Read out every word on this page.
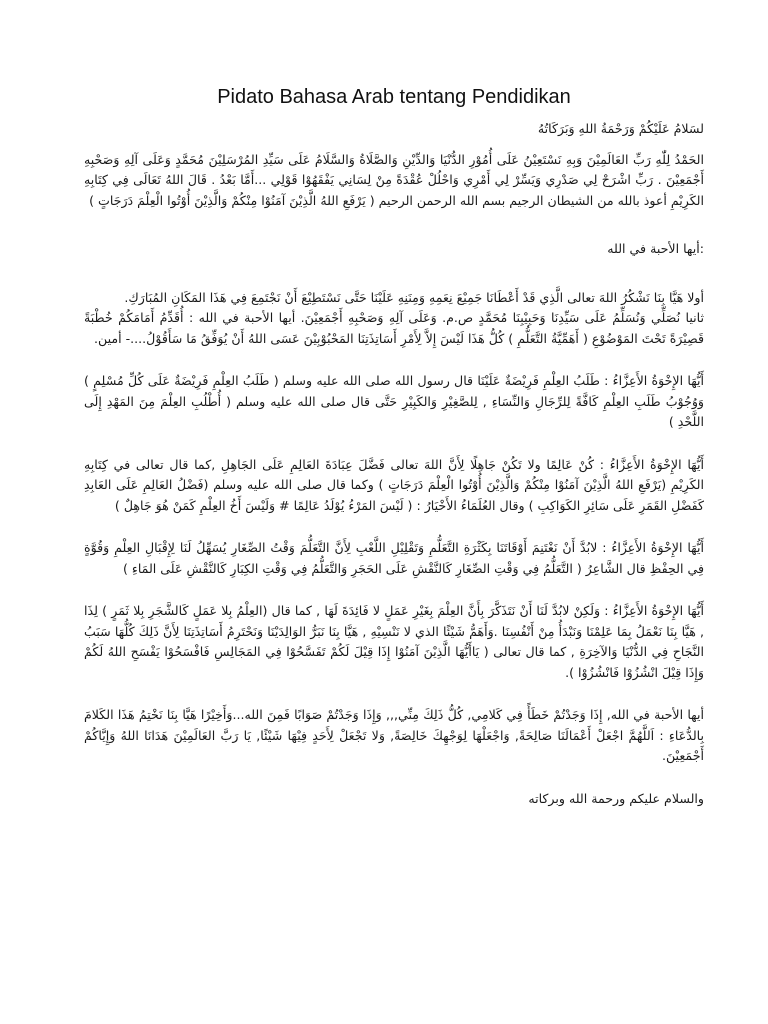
Pidato Bahasa Arab tentang Pendidikan

لسَلامُ عَلَيْكُمْ وَرَحْمَةُ اللهِ وَبَرَكَاتُهُ

الحَمْدُ لِلّٰهِ رَبِّ العَالَمِيْنَ وَبِهِ نَسْتَعِيْنُ عَلَى أُمُوْرِ الدُّنْيَا وَالدِّيْنِ وَالصَّلَاةُ وَالسَّلَامُ عَلَى سَيِّدِ المُرْسَلِيْنَ مُحَمَّدٍ وَعَلَى آلِهِ وَصَحْبِهِ أَجْمَعِيْنَ . رَبِّ اشْرَحْ لِي صَدْرِي وَيَسِّرْ لِي أَمْرِي وَاحْلُلْ عُقْدَةً مِنْ لِسَانِي يَفْقَهُوْا قَوْلِي ...أَمَّا بَعْدُ . قَالَ اللهُ تَعَالَى فِي كِتَابِهِ الكَرِيْمِ أعوذ بالله من الشيطان الرجيم بسم الله الرحمن الرحيم ( يَرْفَعِ اللهُ الَّذِيْنَ آمَنُوْا مِنْكُمْ وَالَّذِيْنَ أُوْتُوا الْعِلْمَ دَرَجَاتٍ )

:أيها الأحبة في الله

أولا هَيَّا بِنَا نَشْكُرُ اللهَ تعالى الَّذِي قَدْ أَعْطَانَا جَمِيْعَ نِعَمِهِ وَمِنَنِهِ عَلَيْنَا حَتَّى نَسْتَطِيْعَ أَنْ نَجْتَمِعَ فِي هَذَا المَكَانِ المُبَارَكِ.

ثانيا نُصَلِّي وَنُسَلِّمُ عَلَى سَيِّدِنَا وَحَبِيْبِنَا مُحَمَّدٍ ص.م. وَعَلَى آلِهِ وَصَحْبِهِ أَجْمَعِيْنَ. أيها الأحبة في الله : أُقَدِّمُ أَمَامَكُمْ خُطْبَةً قَصِيْرَةً تَحْتَ المَوْضُوْعِ ( أَهَمِّيَّةُ التَّعَلُّمِ ) كُلُّ هَذَا لَيْسَ إِلاَّ لِأَمْرِ أَسَاتِذَتِنَا المَحْبُوْبِيْنَ عَسَى اللهُ أَنْ يُوَفِّقُ مَا سَأَقُوْلُ....- أمين.

أَيُّهَا الإِخْوَةُ الأَعِزَّاءُ : طَلَبُ العِلْمِ فَرِيْضَةٌ عَلَيْنَا قال رسول الله صلى الله عليه وسلم ( طَلَبُ العِلْمِ فَرِيْضَةٌ عَلَى كُلِّ مُسْلِمٍ ) وَوُجُوْبُ طَلَبِ العِلْمِ كَافَّةً لِلرِّجَالِ وَالنِّسَاءِ , لِلصَّغِيْرِ وَالكَبِيْرِ حَتَّى قال صلى الله عليه وسلم ( أُطْلُبِ العِلْمَ مِنَ المَهْدِ إِلَى اللَّحْدِ )

أَيُّهَا الإِخْوَةُ الأَعِزَّاءُ : كُنْ عَالِمًا ولا تَكُنْ جَاهِلًا لِأَنَّ اللهَ تعالى فَضَّلَ عِبَادَةَ العَالِمِ عَلَى الجَاهِلِ ,كما قال تعالى في كِتَابِهِ الكَرِيْمِ (يَرْفَعِ اللهُ الَّذِيْنَ آمَنُوْا مِنْكُمْ وَالَّذِيْنَ أُوْتُوا الْعِلْمَ دَرَجَاتٍ ) وكما قال صلى الله عليه وسلم (فَضْلُ العَالِمِ عَلَى العَابِدِ كَفَضْلِ القَمَرِ عَلَى سَائِرِ الكَوَاكِبِ ) وقال العُلَمَاءُ الأَخْيَارُ : ( لَيْسَ المَرْءُ يُوْلَدُ عَالِمًا # وَلَيْسَ أَخُ العِلْمِ كَمَنْ هُوَ جَاهِلٌ )

أَيُّهَا الإِخْوَةُ الأَعِزَّاءُ : لابُدَّ أَنْ نَغْتَنِمَ أَوْقَاتَنَا بِكَثْرَةِ التَّعَلُّمِ وَتَقْلِيْلِ اللَّعْبِ لِأَنَّ التَّعَلُّمَ وَقْتُ الصِّغَارِ يُسَهِّلُ لَنَا لِإِقْبَالِ العِلْمِ وَقُوَّةٍ فِي الحِفْظِ قال الشَّاعِرُ ( التَّعَلُّمُ فِي وَقْتِ الصِّغَارِ كَالنَّقْشِ عَلَى الحَجَرِ وَالتَّعَلُّمُ فِي وَقْتِ الكِبَارِ كَالنَّقْشِ عَلَى المَاءِ )

أَيُّهَا الإِخْوَةُ الأَعِزَّاءُ : وَلَكِنْ لابُدَّ لَنَا أَنْ نَتَذَكَّرَ بِأَنَّ العِلْمَ بِغَيْرِ عَمَلٍ لا فَائِدَةَ لَهَا , كما قال (العِلْمُ بِلا عَمَلٍ كَالشَّجَرِ بِلا ثَمَرٍ ) لِذَا , هَيَّا بِنَا نَعْمَلُ بِمَا عَلِمْنَا وَنَبْدَأُ مِنْ أَنْفُسِنَا .وَأَهَمُّ شَيْئًا الذي لا نَنْسِيْهِ , هَيَّا بِنَا نَبَرُّ الوَالِدَيْنَا وَنَحْتَرِمُ أَسَاتِذَتِنَا لِأَنَّ ذَلِكَ كُلُّهَا سَبَبُ النَّجَاحِ فِي الدُّنْيَا وَالآخِرَةِ , كما قال تعالى ( يَاأَيُّهَا الَّذِيْنَ آمَنُوْا إِذَا قِيْلَ لَكُمْ تَفَسَّحُوْا فِي المَجَالِسِ فَافْسَحُوْا يَفْسَحِ اللهُ لَكُمْ وَإِذَا قِيْلَ انْشُزُوْا فَانْشُزُوْا ).

أيها الأحبة في الله, إِذَا وَجَدْتُمْ خَطَأً فِي كَلامِي, كُلُّ ذَلِكَ مِنِّي,,, وَإِذَا وَجَدْتُمْ صَوَابًا فَمِنَ الله...وَأَخِيْرًا هَيَّا بِنَا نَخْتِمُ هَذَا الكَلامَ بِالدُّعَاءِ : اَللَّهُمَّ اجْعَلْ أَعْمَالَنَا صَالِحَةً, وَاجْعَلْهَا لِوَجْهِكَ خَالِصَةً, وَلا تَجْعَلْ لِأَحَدٍ فِيْهَا شَيْئًا, يَا رَبَّ العَالَمِيْنَ هَدَانَا اللهُ وَإِيَّاكُمْ أَجْمَعِيْنَ.

والسلام عليكم ورحمة الله وبركاته
